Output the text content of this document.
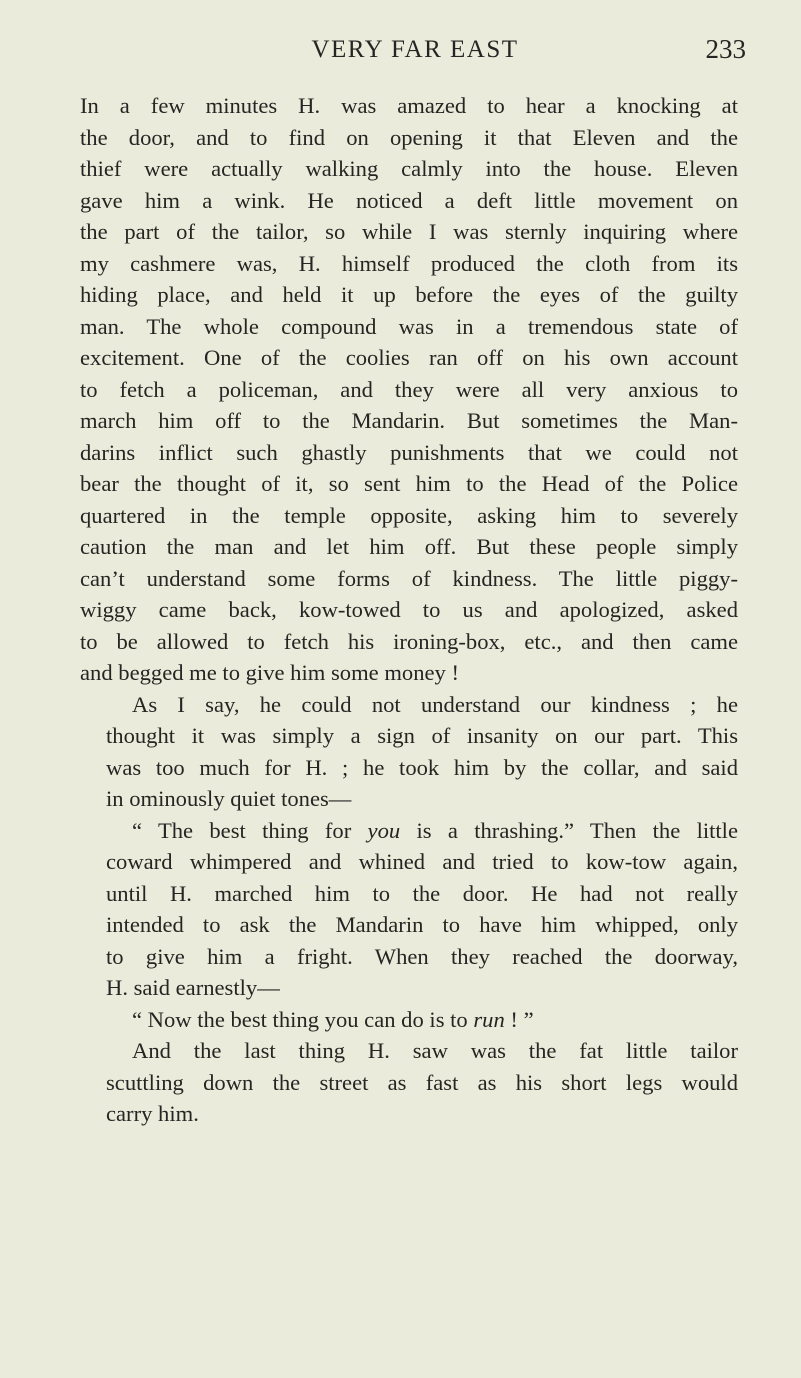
VERY FAR EAST	233

In a few minutes H. was amazed to hear a knocking at
the door, and to find on opening it that Eleven and the
thief were actually walking calmly into the house. Eleven
gave him a wink. He noticed a deft little movement on
the part of the tailor, so while I was sternly inquiring where
my cashmere was, H. himself produced the cloth from its
hiding place, and held it up before the eyes of the guilty
man. The whole compound was in a tremendous state of
excitement. One of the coolies ran off on his own account
to fetch a policeman, and they were all very anxious to
march him off to the Mandarin. But sometimes the Man-
darins inflict such ghastly punishments that we could not
bear the thought of it, so sent him to the Head of the Police
quartered in the temple opposite, asking him to severely
caution the man and let him off. But these people simply
can’t understand some forms of kindness. The little piggy-
wiggy came back, kow-towed to us and apologized, asked
to be allowed to fetch his ironing-box, etc., and then came
and begged me to give him some money !

As I say, he could not understand our kindness ; he
thought it was simply a sign of insanity on our part. This
was too much for H. ; he took him by the collar, and said
in ominously quiet tones—

“ The best thing for you is a thrashing.” Then the little
coward whimpered and whined and tried to kow-tow again,
until H. marched him to the door. He had not really
intended to ask the Mandarin to have him whipped, only
to give him a fright. When they reached the doorway,
H. said earnestly—

“ Now the best thing you can do is to run ! ”

And the last thing H. saw was the fat little tailor
scuttling down the street as fast as his short legs would
carry him.
